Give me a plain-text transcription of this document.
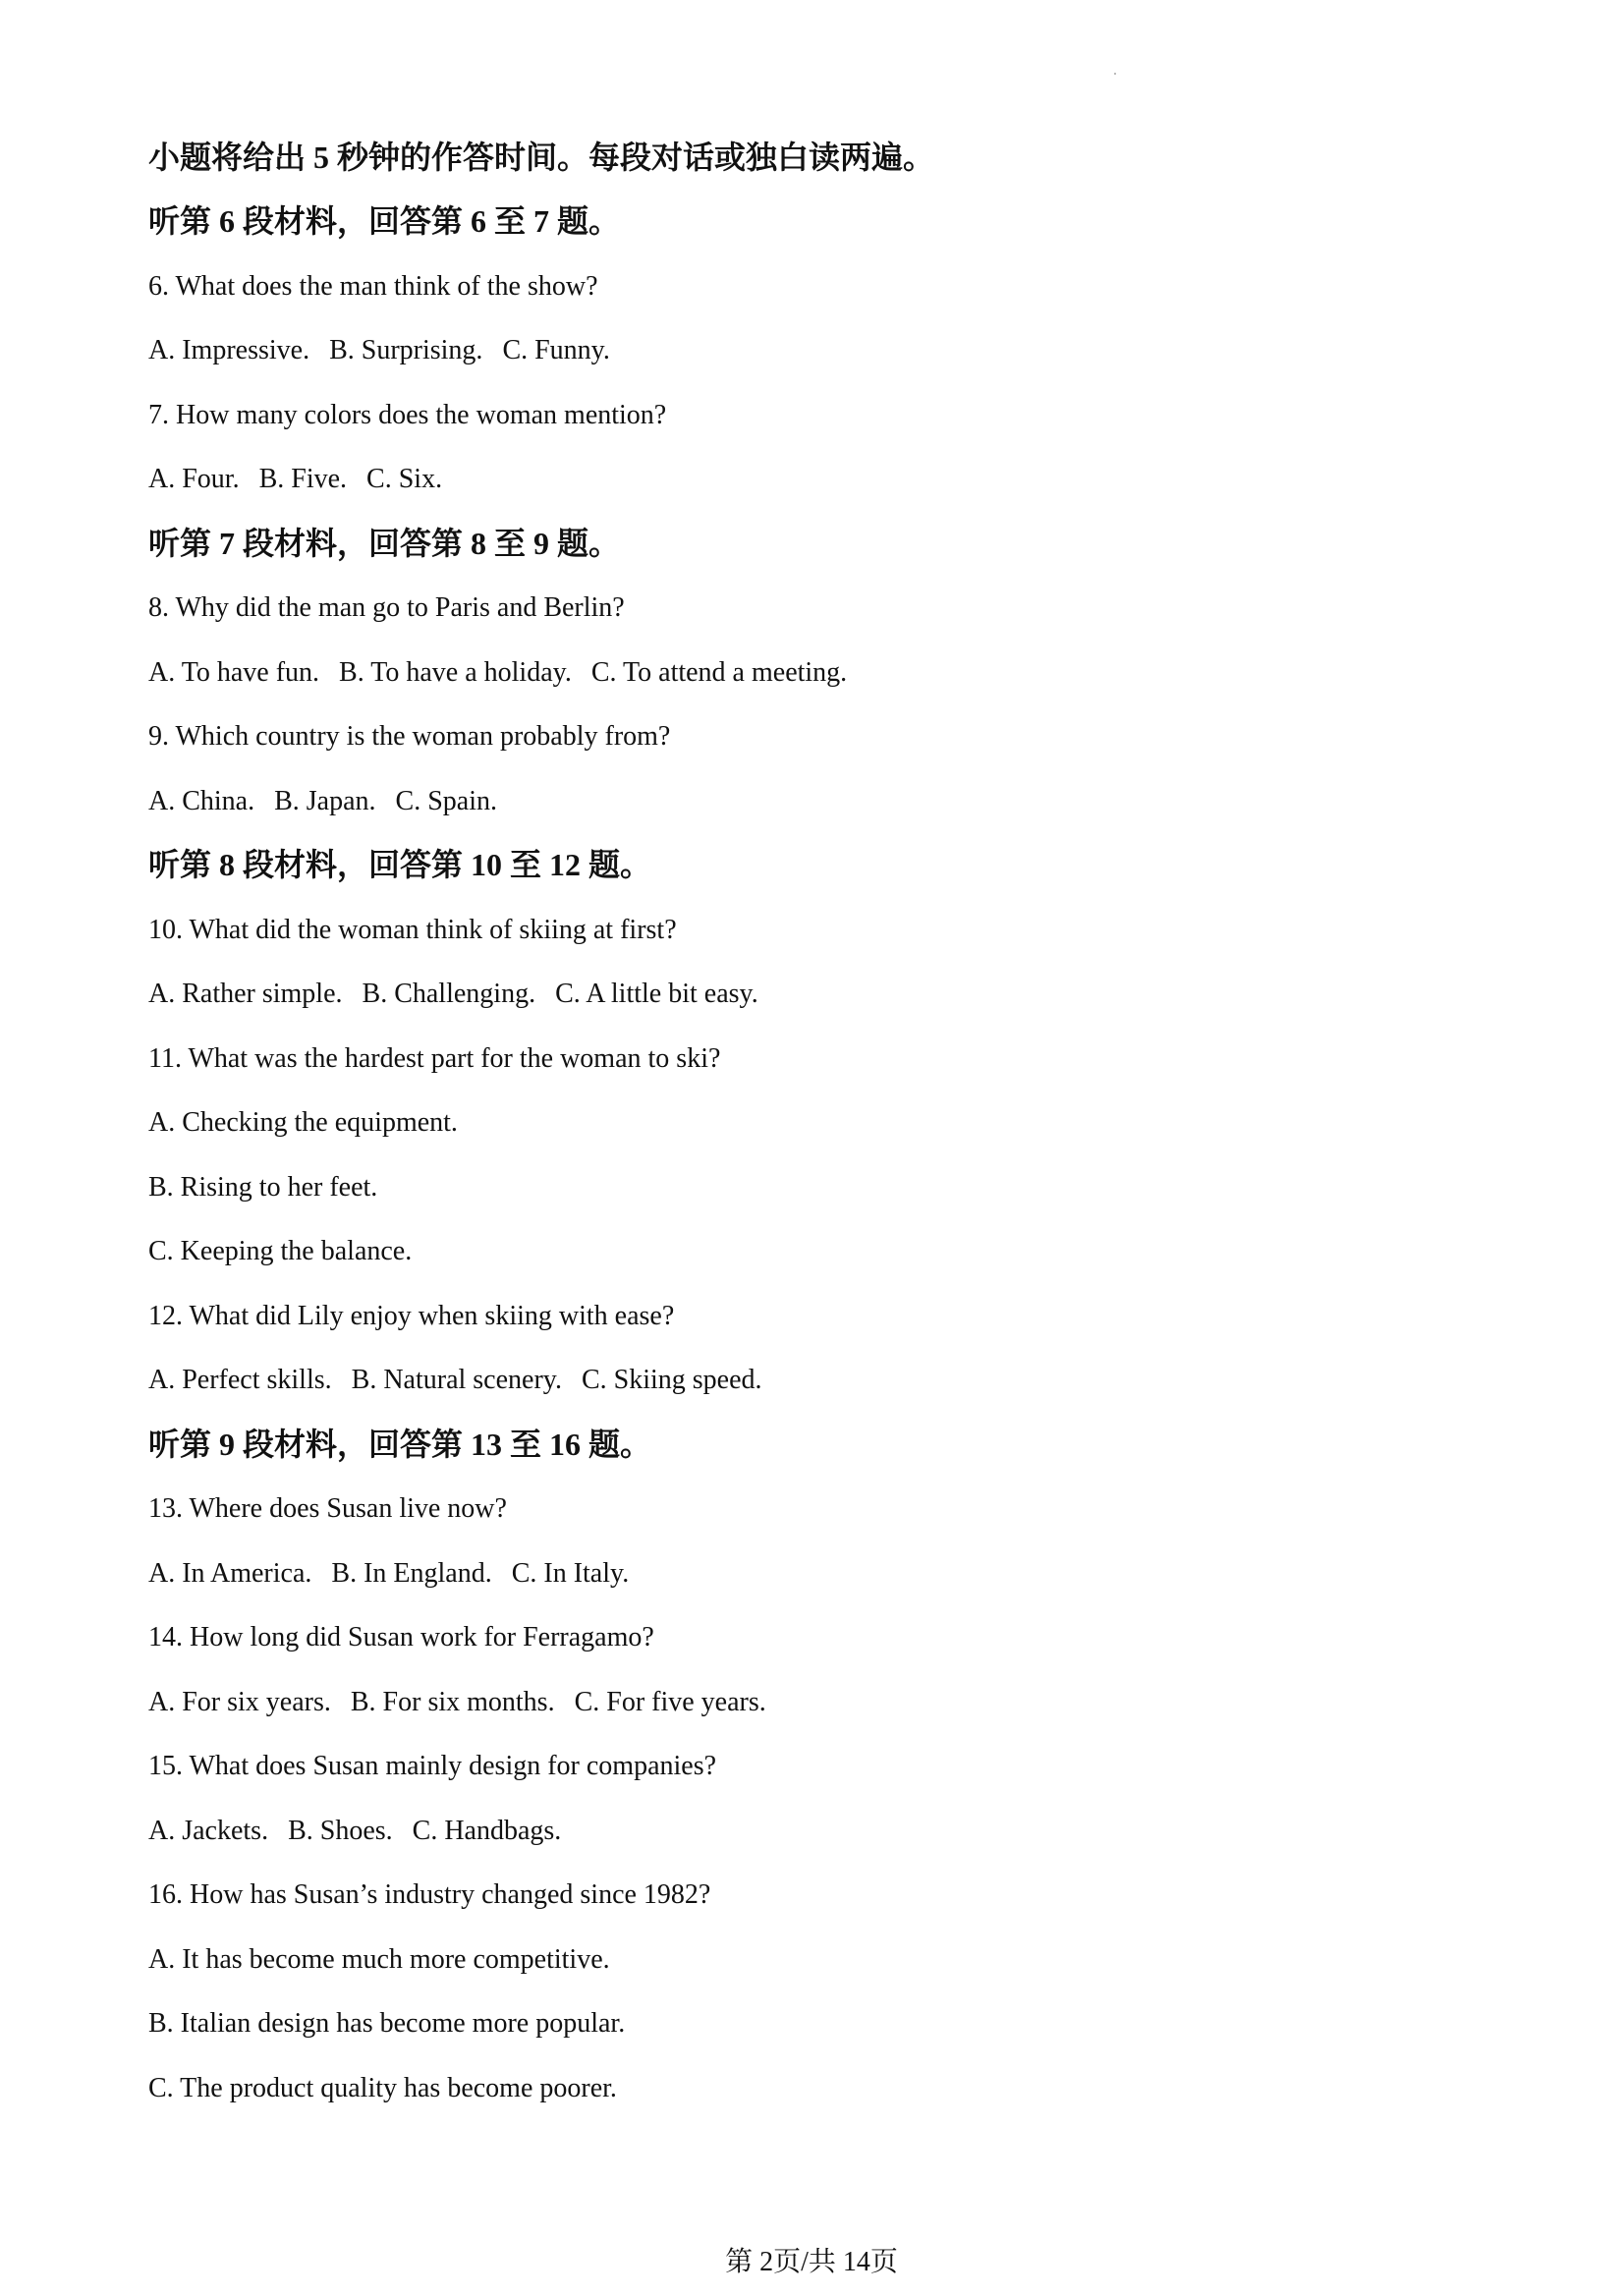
小题将给出 5 秒钟的作答时间。每段对话或独白读两遍。
听第 6 段材料，回答第 6 至 7 题。
6. What does the man think of the show?
A. Impressive. B. Surprising. C. Funny.
7. How many colors does the woman mention?
A. Four. B. Five. C. Six.
听第 7 段材料，回答第 8 至 9 题。
8. Why did the man go to Paris and Berlin?
A. To have fun. B. To have a holiday. C. To attend a meeting.
9. Which country is the woman probably from?
A. China. B. Japan. C. Spain.
听第 8 段材料，回答第 10 至 12 题。
10. What did the woman think of skiing at first?
A. Rather simple. B. Challenging. C. A little bit easy.
11. What was the hardest part for the woman to ski?
A. Checking the equipment.
B. Rising to her feet.
C. Keeping the balance.
12. What did Lily enjoy when skiing with ease?
A. Perfect skills. B. Natural scenery. C. Skiing speed.
听第 9 段材料，回答第 13 至 16 题。
13. Where does Susan live now?
A. In America. B. In England. C. In Italy.
14. How long did Susan work for Ferragamo?
A. For six years. B. For six months. C. For five years.
15. What does Susan mainly design for companies?
A. Jackets. B. Shoes. C. Handbags.
16. How has Susan’s industry changed since 1982?
A. It has become much more competitive.
B. Italian design has become more popular.
C. The product quality has become poorer.
第 2页/共 14页
